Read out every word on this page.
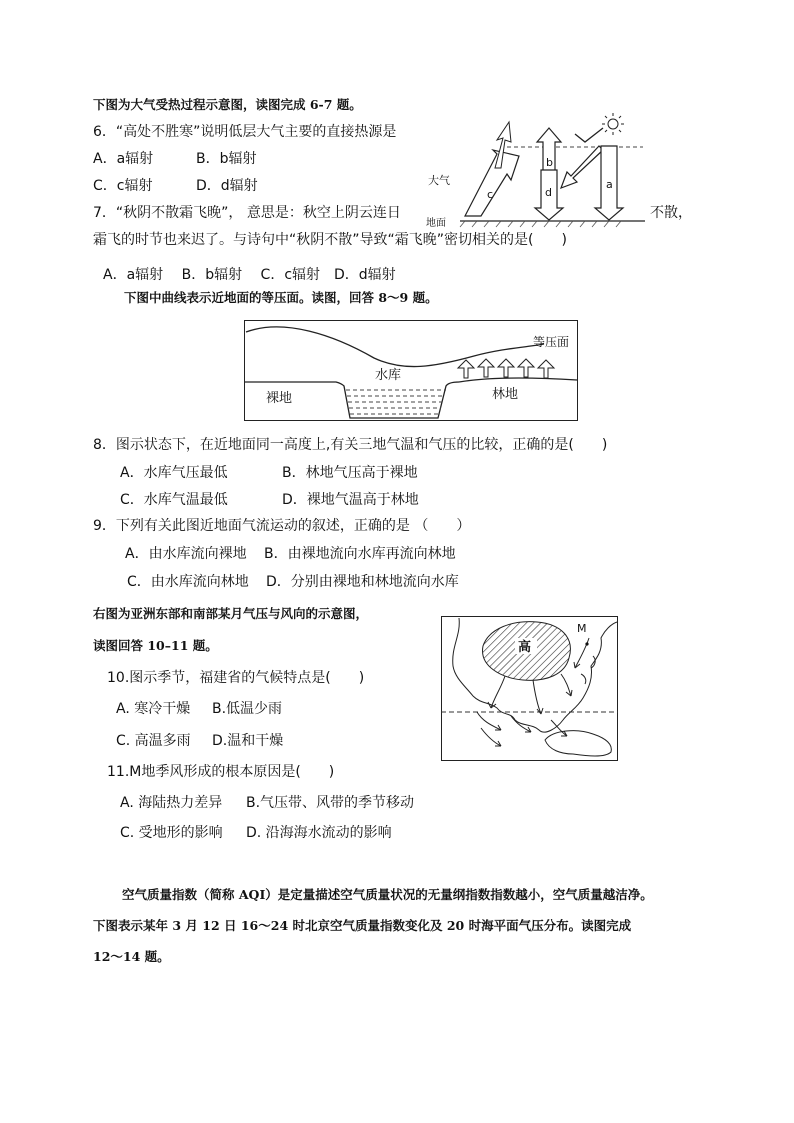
下图为大气受热过程示意图，读图完成 6-7 题。
6．“高处不胜寒”说明低层大气主要的直接热源是
A．a辐射	B．b辐射
C．c辐射	D．d辐射
7．“秋阴不散霜飞晚”， 意思是：秋空上阴云连日	不散，
霜飞的时节也来迟了。与诗句中“秋阴不散”导致“霜飞晚”密切相关的是(　　)
A．a辐射　 B．b辐射　 C．c辐射　D．d辐射
c
b
d
a
大气
地面
下图中曲线表示近地面的等压面。读图，回答 8～9 题。
等压面
水库
裸地	林地
8．图示状态下，在近地面同一高度上,有关三地气温和气压的比较，正确的是(　　)
A．水库气压最低	B．林地气压高于裸地
C．水库气温最低	D．裸地气温高于林地
9．下列有关此图近地面气流运动的叙述，正确的是 （　　）
A．由水库流向裸地 B．由裸地流向水库再流向林地
C．由水库流向林地 D．分别由裸地和林地流向水库
右图为亚洲东部和南部某月气压与风向的示意图，
读图回答 10–11 题。	高
M
10.图示季节，福建省的气候特点是(　　)
A. 寒冷干燥 B.低温少雨
C. 高温多雨 D.温和干燥
11.M地季风形成的根本原因是(　　)
A. 海陆热力差异 B.气压带、风带的季节移动
C. 受地形的影响 D. 沿海海水流动的影响
空气质量指数（简称 AQI）是定量描述空气质量状况的无量纲指数指数越小，空气质量越洁净。
下图表示某年 3 月 12 日 16～24 时北京空气质量指数变化及 20 时海平面气压分布。读图完成
12～14 题。
